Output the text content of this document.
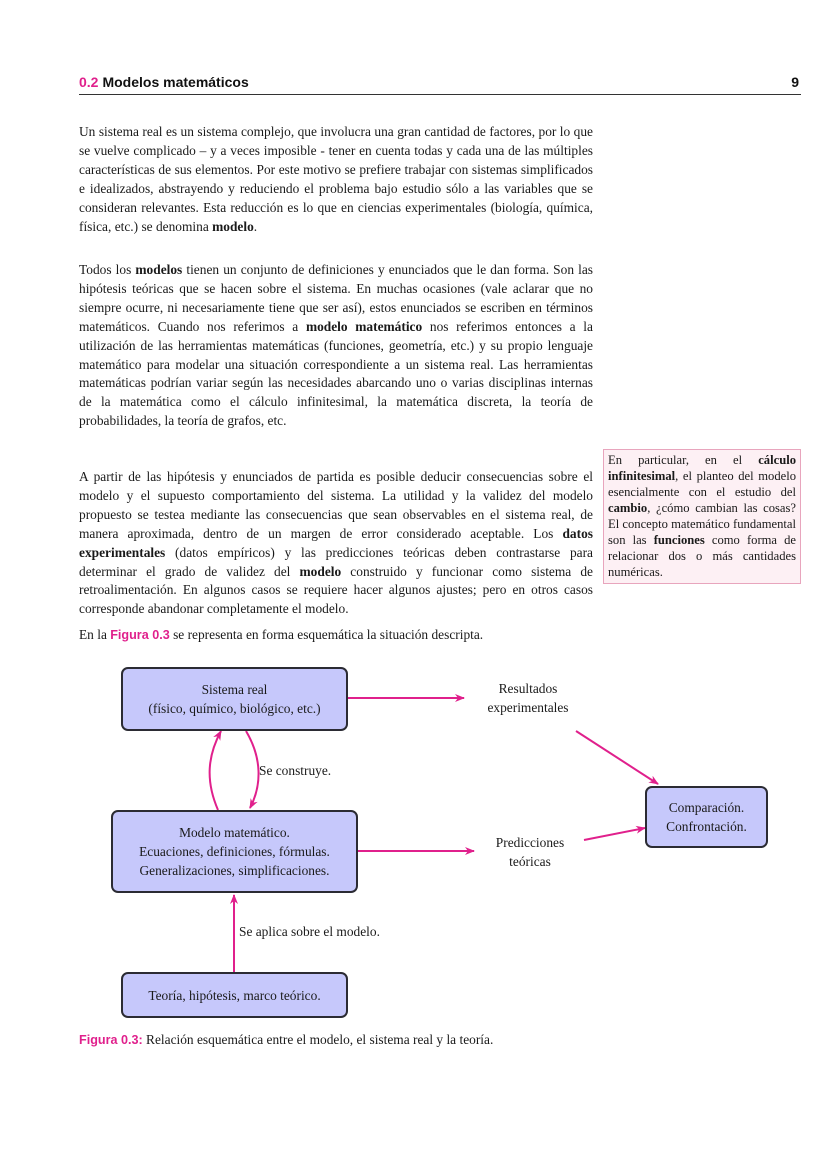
0.2 Modelos matemáticos	9
Un sistema real es un sistema complejo, que involucra una gran cantidad de factores, por lo que se vuelve complicado – y a veces imposible - tener en cuenta todas y cada una de las múltiples características de sus elementos. Por este motivo se prefiere trabajar con sistemas simplificados e idealizados, abstrayendo y reduciendo el problema bajo estudio sólo a las variables que se consideran relevantes. Esta reducción es lo que en ciencias experimentales (biología, química, física, etc.) se denomina modelo.
Todos los modelos tienen un conjunto de definiciones y enunciados que le dan forma. Son las hipótesis teóricas que se hacen sobre el sistema. En muchas ocasiones (vale aclarar que no siempre ocurre, ni necesariamente tiene que ser así), estos enunciados se escriben en términos matemáticos. Cuando nos referimos a modelo matemático nos referimos entonces a la utilización de las herramientas matemáticas (funciones, geometría, etc.) y su propio lenguaje matemático para modelar una situación correspondiente a un sistema real. Las herramientas matemáticas podrían variar según las necesidades abarcando uno o varias disciplinas internas de la matemática como el cálculo infinitesimal, la matemática discreta, la teoría de probabilidades, la teoría de grafos, etc.
A partir de las hipótesis y enunciados de partida es posible deducir consecuencias sobre el modelo y el supuesto comportamiento del sistema. La utilidad y la validez del modelo propuesto se testea mediante las consecuencias que sean observables en el sistema real, de manera aproximada, dentro de un margen de error considerado aceptable. Los datos experimentales (datos empíricos) y las predicciones teóricas deben contrastarse para determinar el grado de validez del modelo construido y funcionar como sistema de retroalimentación. En algunos casos se requiere hacer algunos ajustes; pero en otros casos corresponde abandonar completamente el modelo.
En la Figura 0.3 se representa en forma esquemática la situación descripta.
En particular, en el cálculo infinitesimal, el planteo del modelo esencialmente con el estudio del cambio, ¿cómo cambian las cosas? El concepto matemático fundamental son las funciones como forma de relacionar dos o más cantidades numéricas.
Sistema real
(físico, químico, biológico, etc.)
Modelo matemático.
Ecuaciones, definiciones, fórmulas.
Generalizaciones, simplificaciones.
Teoría, hipótesis, marco teórico.
Comparación.
Confrontación.
Resultados
experimentales
Predicciones
teóricas
Se construye.
Se aplica sobre el modelo.
Figura 0.3: Relación esquemática entre el modelo, el sistema real y la teoría.
